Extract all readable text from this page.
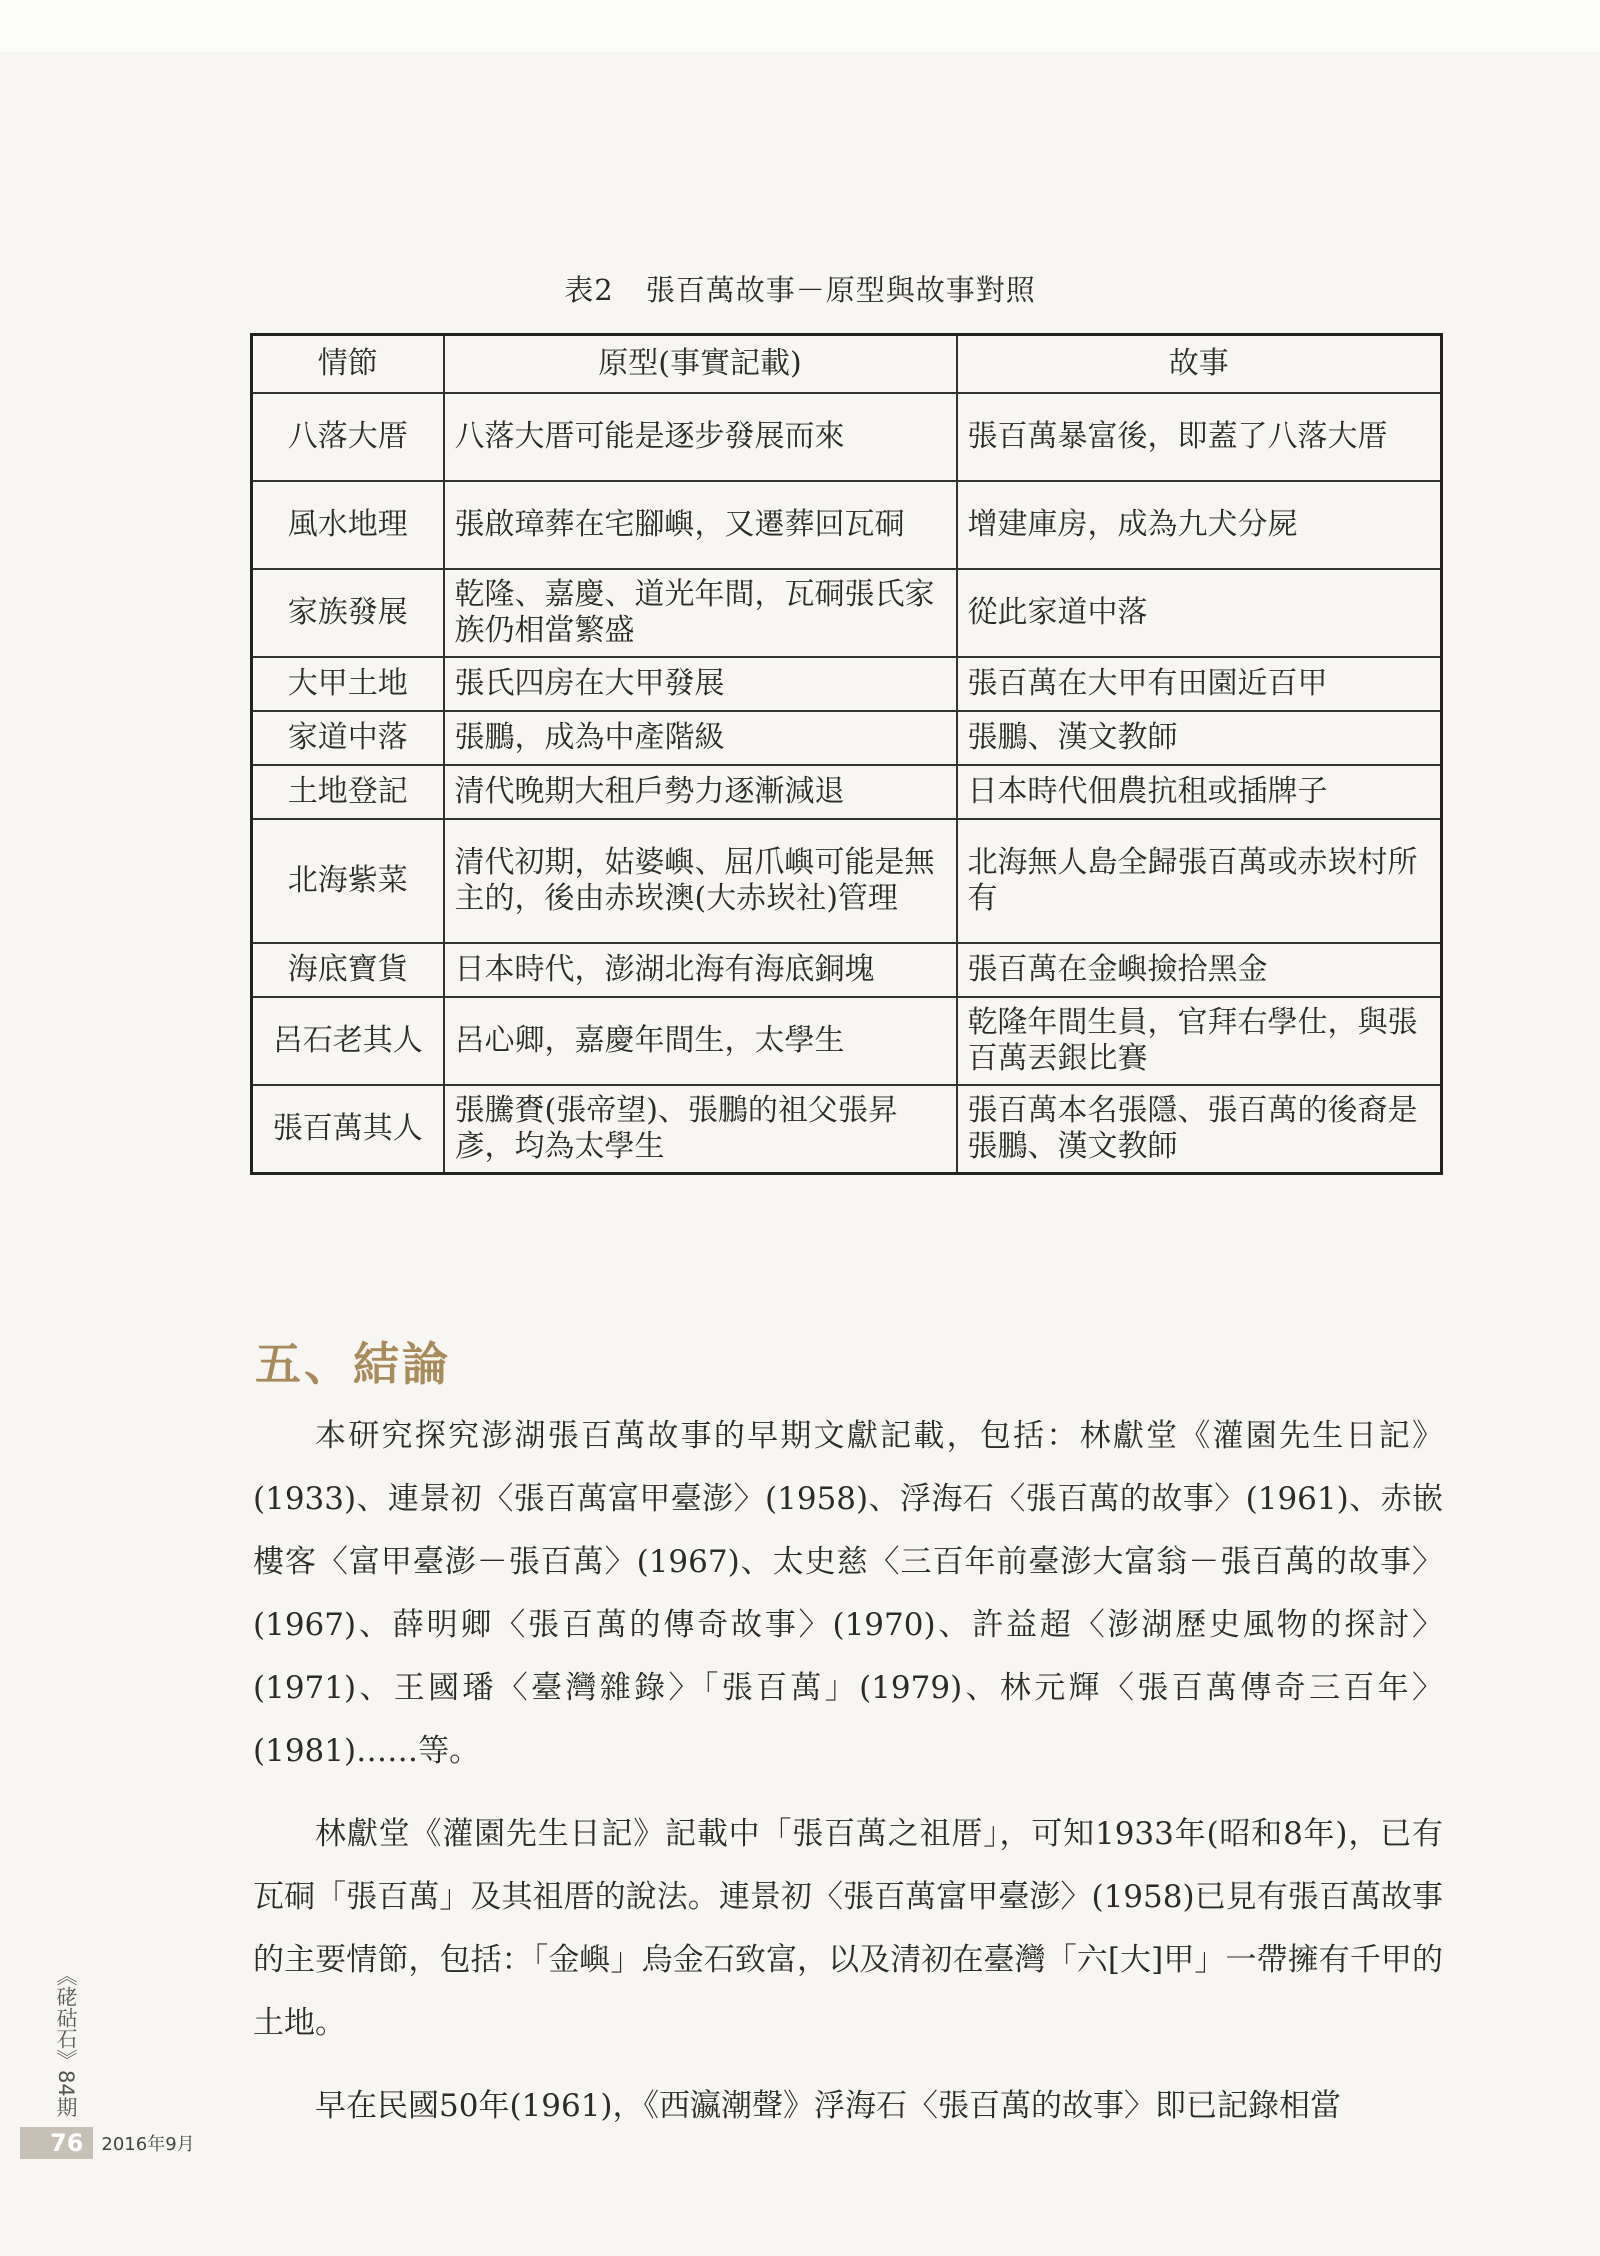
表2 張百萬故事－原型與故事對照
情節	原型(事實記載)	故事
八落大厝	八落大厝可能是逐步發展而來	張百萬暴富後，即蓋了八落大厝
風水地理	張啟璋葬在宅腳嶼，又遷葬回瓦硐	增建庫房，成為九犬分屍
家族發展	乾隆、嘉慶、道光年間，瓦硐張氏家族仍相當繁盛	從此家道中落
大甲土地	張氏四房在大甲發展	張百萬在大甲有田園近百甲
家道中落	張鵬，成為中產階級	張鵬、漢文教師
土地登記	清代晚期大租戶勢力逐漸減退	日本時代佃農抗租或插牌子
北海紫菜	清代初期，姑婆嶼、屈爪嶼可能是無主的，後由赤崁澳(大赤崁社)管理	北海無人島全歸張百萬或赤崁村所有
海底寶貨	日本時代，澎湖北海有海底銅塊	張百萬在金嶼撿拾黑金
呂石老其人	呂心卿，嘉慶年間生，太學生	乾隆年間生員，官拜右學仕，與張百萬丟銀比賽
張百萬其人	張騰賚(張帝望)、張鵬的祖父張昇彥，均為太學生	張百萬本名張隱、張百萬的後裔是張鵬、漢文教師
五、結論

本研究探究澎湖張百萬故事的早期文獻記載，包括：林獻堂《灌園先生日記》(1933)、連景初〈張百萬富甲臺澎〉(1958)、浮海石〈張百萬的故事〉(1961)、赤嵌樓客〈富甲臺澎－張百萬〉(1967)、太史慈〈三百年前臺澎大富翁－張百萬的故事〉(1967)、薛明卿〈張百萬的傳奇故事〉(1970)、許益超〈澎湖歷史風物的探討〉(1971)、王國璠〈臺灣雜錄〉「張百萬」(1979)、林元輝〈張百萬傳奇三百年〉(1981)……等。

林獻堂《灌園先生日記》記載中「張百萬之祖厝」，可知1933年(昭和8年)，已有瓦硐「張百萬」及其祖厝的說法。連景初〈張百萬富甲臺澎〉(1958)已見有張百萬故事的主要情節，包括：「金嶼」烏金石致富，以及清初在臺灣「六[大]甲」一帶擁有千甲的土地。

早在民國50年(1961)，《西瀛潮聲》浮海石〈張百萬的故事〉即已記錄相當

《硓𥑮石》84期
76	2016年9月
